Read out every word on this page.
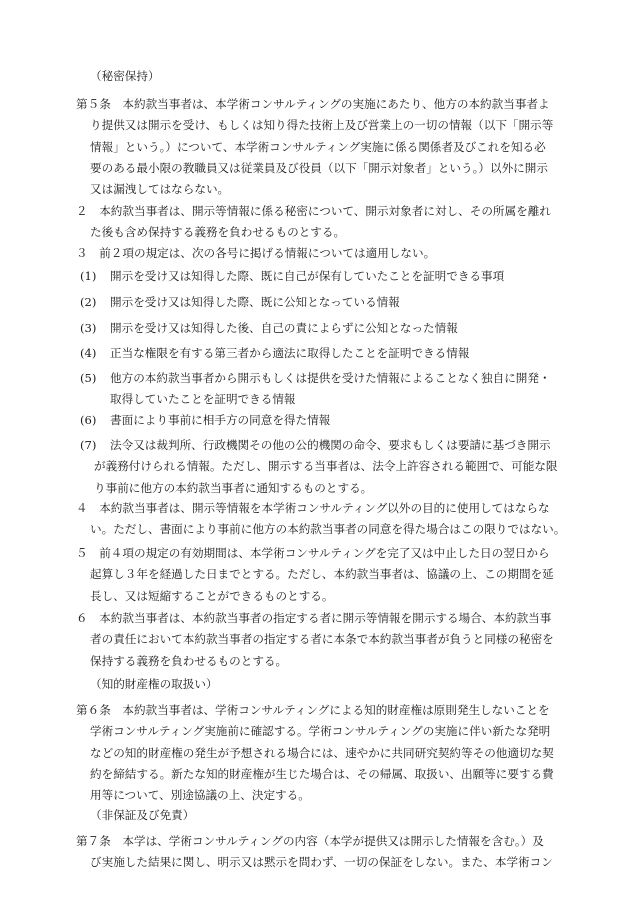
（秘密保持）
第５条　本約款当事者は、本学術コンサルティングの実施にあたり、他方の本約款当事者よ
り提供又は開示を受け、もしくは知り得た技術上及び営業上の一切の情報（以下「開示等
情報」という。）について、本学術コンサルティング実施に係る関係者及びこれを知る必
要のある最小限の教職員又は従業員及び役員（以下「開示対象者」という。）以外に開示
又は漏洩してはならない。
２　本約款当事者は、開示等情報に係る秘密について、開示対象者に対し、その所属を離れ
た後も含め保持する義務を負わせるものとする。
３　前２項の規定は、次の各号に掲げる情報については適用しない。
(1) 開示を受け又は知得した際、既に自己が保有していたことを証明できる事項
(2) 開示を受け又は知得した際、既に公知となっている情報
(3) 開示を受け又は知得した後、自己の責によらずに公知となった情報
(4) 正当な権限を有する第三者から適法に取得したことを証明できる情報
(5) 他方の本約款当事者から開示もしくは提供を受けた情報によることなく独自に開発・
取得していたことを証明できる情報
(6) 書面により事前に相手方の同意を得た情報
(7) 法令又は裁判所、行政機関その他の公的機関の命令、要求もしくは要請に基づき開示
が義務付けられる情報。ただし、開示する当事者は、法令上許容される範囲で、可能な限
り事前に他方の本約款当事者に通知するものとする。
４　本約款当事者は、開示等情報を本学術コンサルティング以外の目的に使用してはならな
い。ただし、書面により事前に他方の本約款当事者の同意を得た場合はこの限りではない。
５　前４項の規定の有効期間は、本学術コンサルティングを完了又は中止した日の翌日から
起算し３年を経過した日までとする。ただし、本約款当事者は、協議の上、この期間を延
長し、又は短縮することができるものとする。
６　本約款当事者は、本約款当事者の指定する者に開示等情報を開示する場合、本約款当事
者の責任において本約款当事者の指定する者に本条で本約款当事者が負うと同様の秘密を
保持する義務を負わせるものとする。
（知的財産権の取扱い）
第６条　本約款当事者は、学術コンサルティングによる知的財産権は原則発生しないことを
学術コンサルティング実施前に確認する。学術コンサルティングの実施に伴い新たな発明
などの知的財産権の発生が予想される場合には、速やかに共同研究契約等その他適切な契
約を締結する。新たな知的財産権が生じた場合は、その帰属、取扱い、出願等に要する費
用等について、別途協議の上、決定する。
（非保証及び免責）
第７条　本学は、学術コンサルティングの内容（本学が提供又は開示した情報を含む。）及
び実施した結果に関し、明示又は黙示を問わず、一切の保証をしない。また、本学術コン
